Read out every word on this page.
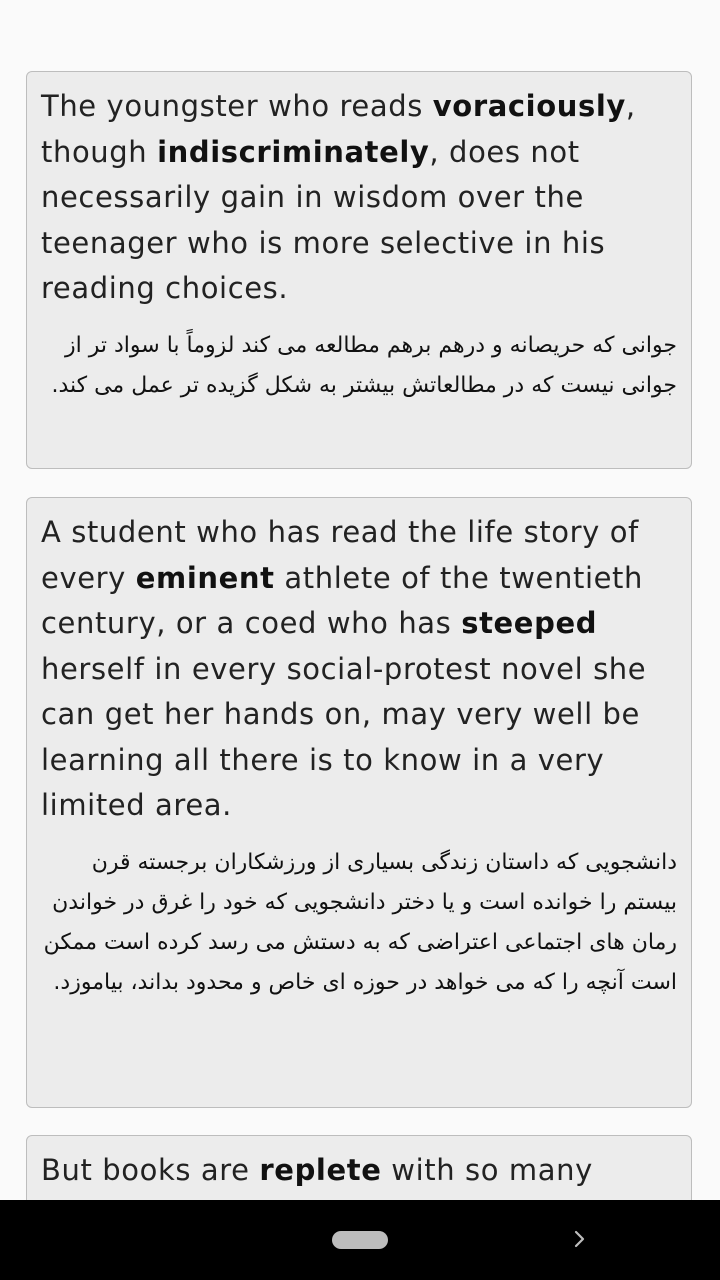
The youngster who reads voraciously, though indiscriminately, does not necessarily gain in wisdom over the teenager who is more selective in his reading choices.

جوانی که حریصانه و درهم برهم مطالعه می کند لزوماً با سواد تر از جوانی نیست که در مطالعاتش بیشتر به شکل گزیده تر عمل می کند.

A student who has read the life story of every eminent athlete of the twentieth century, or a coed who has steeped herself in every social-protest novel she can get her hands on, may very well be learning all there is to know in a very limited area.

دانشجویی که داستان زندگی بسیاری از ورزشکاران برجسته قرن بیستم را خوانده است و یا دختر دانشجویی که خود را غرق در خواندن رمان های اجتماعی اعتراضی که به دستش می رسد کرده است ممکن است آنچه را که می خواهد در حوزه ای خاص و محدود بداند، بیاموزد.

But books are replete with so many
